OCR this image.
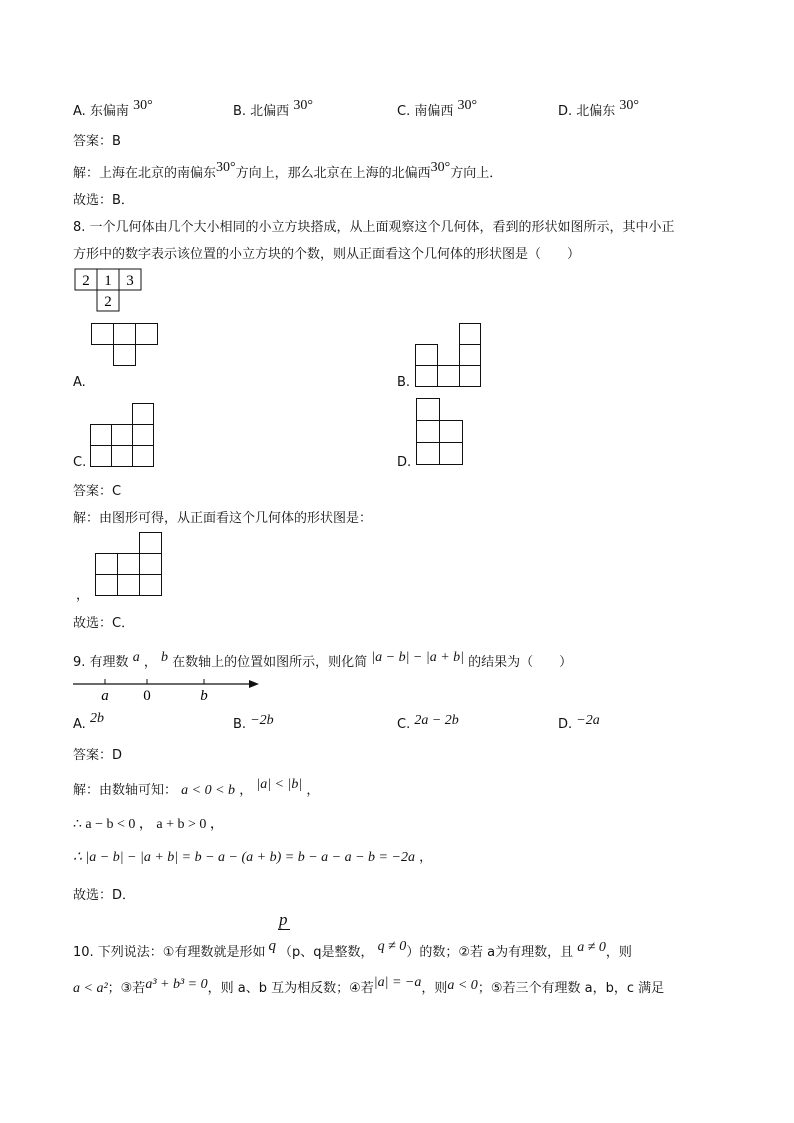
A. 东偏南 30°	B. 北偏西 30°	C. 南偏西 30°	D. 北偏东 30°
答案：B
解：上海在北京的南偏东30°方向上，那么北京在上海的北偏西30°方向上．
故选：B．
8. 一个几何体由几个大小相同的小立方块搭成，从上面观察这个几何体，看到的形状如图所示，其中小正
方形中的数字表示该位置的小立方块的个数，则从正面看这个几何体的形状图是（　　）
2 1 3
2
A.	B.
C.	D.
答案：C
解：由图形可得，从正面看这个几何体的形状图是：
，
故选：C．
9. 有理数 a ， b 在数轴上的位置如图所示，则化简 |a − b| − |a + b| 的结果为（　　）
a 0	b
A. 2b	B. −2b	C. 2a − 2b	D. −2a
答案：D
解：由数轴可知： a < 0 < b ， |a| < |b| ，
∴ a − b < 0 ， a + b > 0 ，
∴ |a − b| − |a + b| = b − a − (a + b) = b − a − a − b = −2a ，
故选：D．
p
10. 下列说法：①有理数就是形如 q （p、q是整数， q ≠ 0）的数；②若 a为有理数，且 a ≠ 0，则
a < a²；③若a³ + b³ = 0，则 a、b 互为相反数；④若|a| = −a，则a < 0；⑤若三个有理数 a，b，c 满足
